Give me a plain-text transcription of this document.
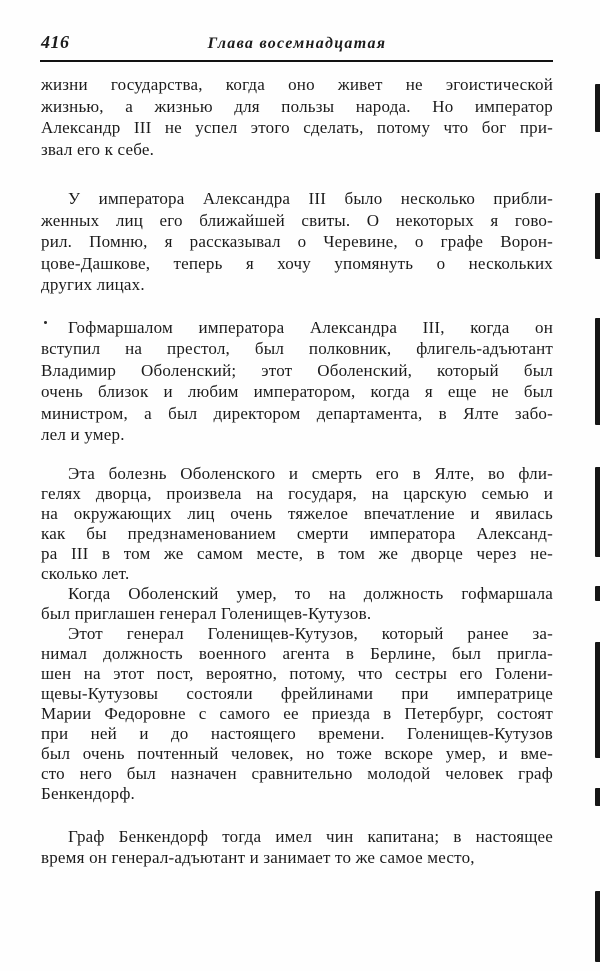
416	Глава восемнадцатая
жизни государства, когда оно живет не эгоистической
жизнью, а жизнью для пользы народа. Но император
Александр III не успел этого сделать, потому что бог при-
звал его к себе.
У императора Александра III было несколько прибли-
женных лиц его ближайшей свиты. О некоторых я гово-
рил. Помню, я рассказывал о Черевине, о графе Ворон-
цове-Дашкове, теперь я хочу упомянуть о нескольких
других лицах.
Гофмаршалом императора Александра III, когда он
вступил на престол, был полковник, флигель-адъютант
Владимир Оболенский; этот Оболенский, который был
очень близок и любим императором, когда я еще не был
министром, а был директором департамента, в Ялте забо-
лел и умер.
Эта болезнь Оболенского и смерть его в Ялте, во фли-
гелях дворца, произвела на государя, на царскую семью и
на окружающих лиц очень тяжелое впечатление и явилась
как бы предзнаменованием смерти императора Александ-
ра III в том же самом месте, в том же дворце через не-
сколько лет.
Когда Оболенский умер, то на должность гофмаршала
был приглашен генерал Голенищев-Кутузов.
Этот генерал Голенищев-Кутузов, который ранее за-
нимал должность военного агента в Берлине, был пригла-
шен на этот пост, вероятно, потому, что сестры его Голени-
щевы-Кутузовы состояли фрейлинами при императрице
Марии Федоровне с самого ее приезда в Петербург, состоят
при ней и до настоящего времени. Голенищев-Кутузов
был очень почтенный человек, но тоже вскоре умер, и вме-
сто него был назначен сравнительно молодой человек граф
Бенкендорф.
Граф Бенкендорф тогда имел чин капитана; в настоящее
время он генерал-адъютант и занимает то же самое место,
